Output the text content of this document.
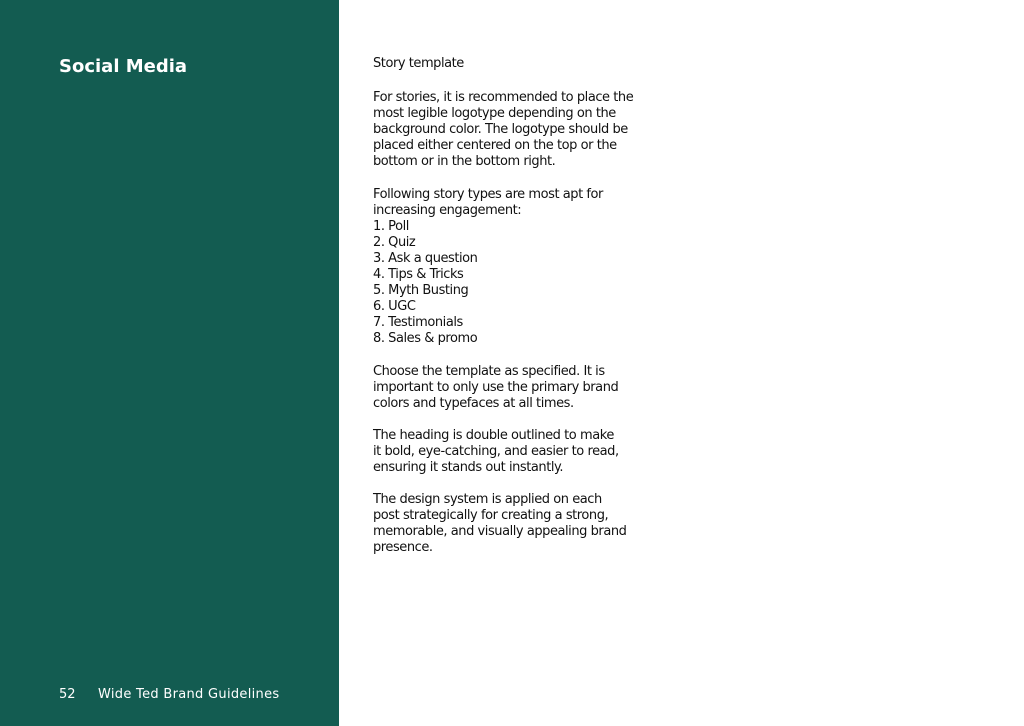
Social Media
52 Wide Ted Brand Guidelines

Story template

For stories, it is recommended to place the
most legible logotype depending on the
background color. The logotype should be
placed either centered on the top or the
bottom or in the bottom right.

Following story types are most apt for
increasing engagement:

1. Poll
2. Quiz
3. Ask a question
4. Tips & Tricks
5. Myth Busting
6. UGC
7. Testimonials
8. Sales & promo

Choose the template as specified. It is
important to only use the primary brand
colors and typefaces at all times.

The heading is double outlined to make
it bold, eye-catching, and easier to read,
ensuring it stands out instantly.

The design system is applied on each
post strategically for creating a strong,
memorable, and visually appealing brand
presence.
